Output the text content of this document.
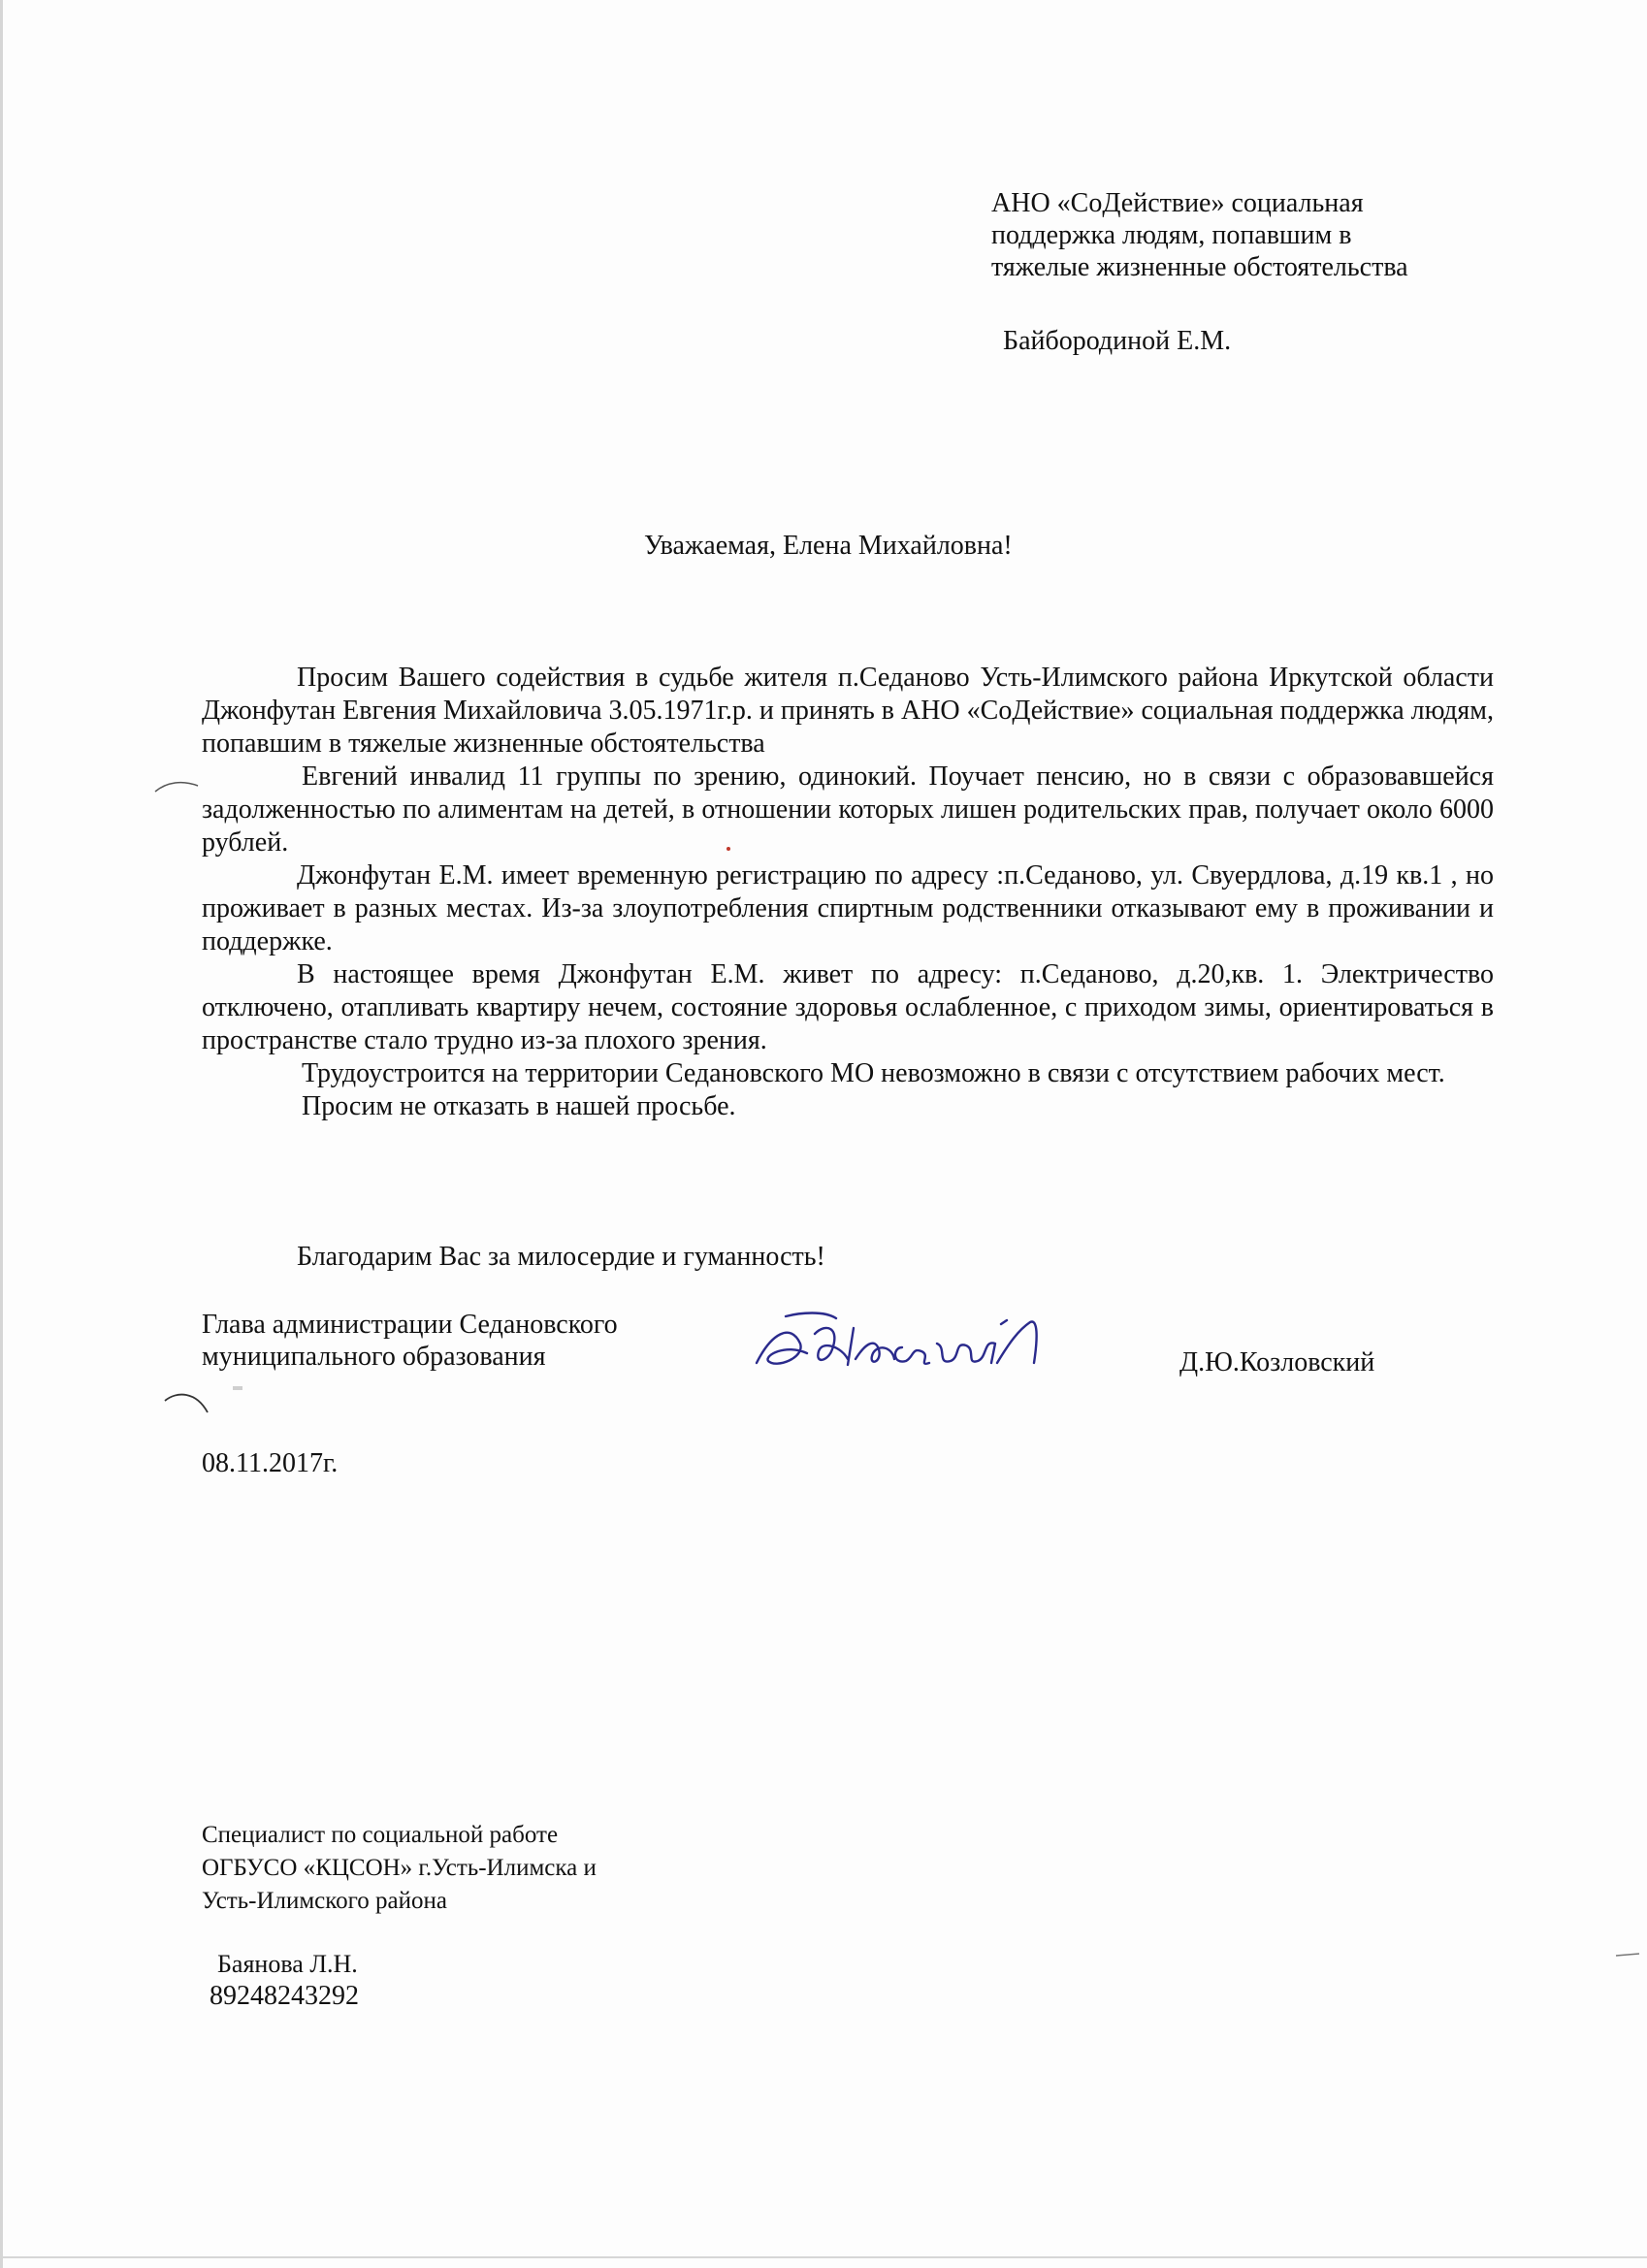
АНО «СоДействие» социальная
поддержка людям, попавшим в
тяжелые жизненные обстоятельства
Байбородиной Е.М.
Уважаемая, Елена Михайловна!

Просим Вашего содействия в судьбе жителя п.Седаново Усть-Илимского района Иркутской области Джонфутан Евгения Михайловича 3.05.1971г.р. и принять в АНО «СоДействие» социальная поддержка людям, попавшим в тяжелые жизненные обстоятельства

Евгений инвалид 11 группы по зрению, одинокий. Поучает пенсию, но в связи с образовавшейся задолженностью по алиментам на детей, в отношении которых лишен родительских прав, получает около 6000 рублей.

Джонфутан Е.М. имеет временную регистрацию по адресу :п.Седаново, ул. Свуердлова, д.19 кв.1 , но проживает в разных местах. Из-за злоупотребления спиртным родственники отказывают ему в проживании и поддержке.

В настоящее время Джонфутан Е.М. живет по адресу: п.Седаново, д.20,кв. 1. Электричество отключено, отапливать квартиру нечем, состояние здоровья ослабленное, с приходом зимы, ориентироваться в пространстве стало трудно из-за плохого зрения.

Трудоустроится на территории Седановского МО невозможно в связи с отсутствием рабочих мест.

Просим не отказать в нашей просьбе.

Благодарим Вас за милосердие и гуманность!
Глава администрации Седановского
муниципального образования	Д.Ю.Козловский
08.11.2017г.
Специалист по социальной работе
ОГБУСО «КЦСОН» г.Усть-Илимска и
Усть-Илимского района
Баянова Л.Н.
89248243292
